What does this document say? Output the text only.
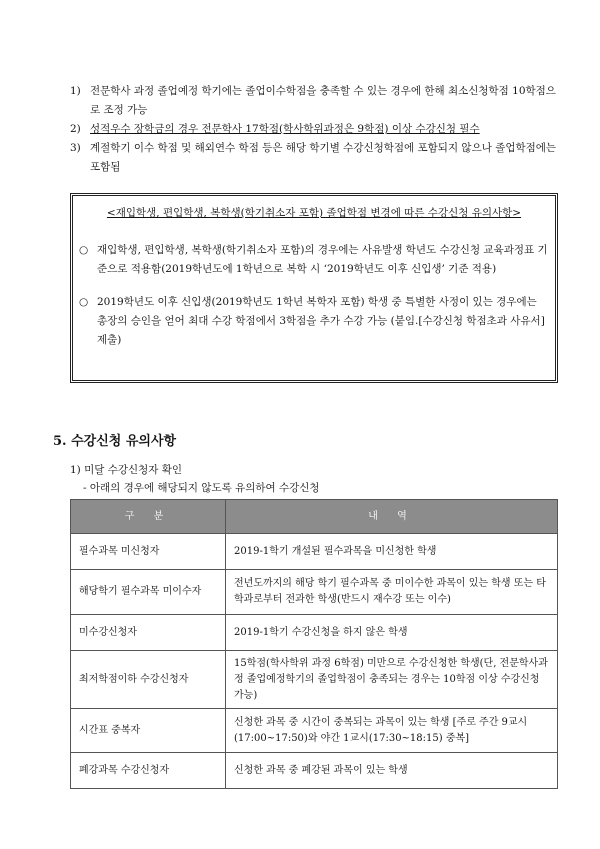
1) 전문학사 과정 졸업예정 학기에는 졸업이수학점을 충족할 수 있는 경우에 한해 최소신청학점 10학점으로 조정 가능
2) 성적우수 장학금의 경우 전문학사 17학점(학사학위과정은 9학점) 이상 수강신청 필수
3) 계절학기 이수 학점 및 해외연수 학점 등은 해당 학기별 수강신청학점에 포함되지 않으나 졸업학점에는 포함됨
<재입학생, 편입학생, 복학생(학기취소자 포함) 졸업학점 변경에 따른 수강신청 유의사항>
○ 재입학생, 편입학생, 복학생(학기취소자 포함)의 경우에는 사유발생 학년도 수강신청 교육과정표 기준으로 적용함(2019학년도에 1학년으로 복학 시 ‘2019학년도 이후 신입생’ 기준 적용)
○ 2019학년도 이후 신입생(2019학년도 1학년 복학자 포함) 학생 중 특별한 사정이 있는 경우에는 총장의 승인을 얻어 최대 수강 학점에서 3학점을 추가 수강 가능 (붙임.[수강신청 학점초과 사유서] 제출)
5. 수강신청 유의사항
1) 미달 수강신청자 확인
- 아래의 경우에 해당되지 않도록 유의하여 수강신청
구 분	내 역
필수과목 미신청자	2019-1학기 개설된 필수과목을 미신청한 학생
해당학기 필수과목 미이수자	전년도까지의 해당 학기 필수과목 중 미이수한 과목이 있는 학생 또는 타 학과로부터 전과한 학생(반드시 재수강 또는 이수)
미수강신청자	2019-1학기 수강신청을 하지 않은 학생
최저학점이하 수강신청자	15학점(학사학위 과정 6학점) 미만으로 수강신청한 학생(단, 전문학사과정 졸업예정학기의 졸업학점이 충족되는 경우는 10학점 이상 수강신청 가능)
시간표 중복자	신청한 과목 중 시간이 중복되는 과목이 있는 학생 [주로 주간 9교시(17:00~17:50)와 야간 1교시(17:30~18:15) 중복]
폐강과목 수강신청자	신청한 과목 중 폐강된 과목이 있는 학생
